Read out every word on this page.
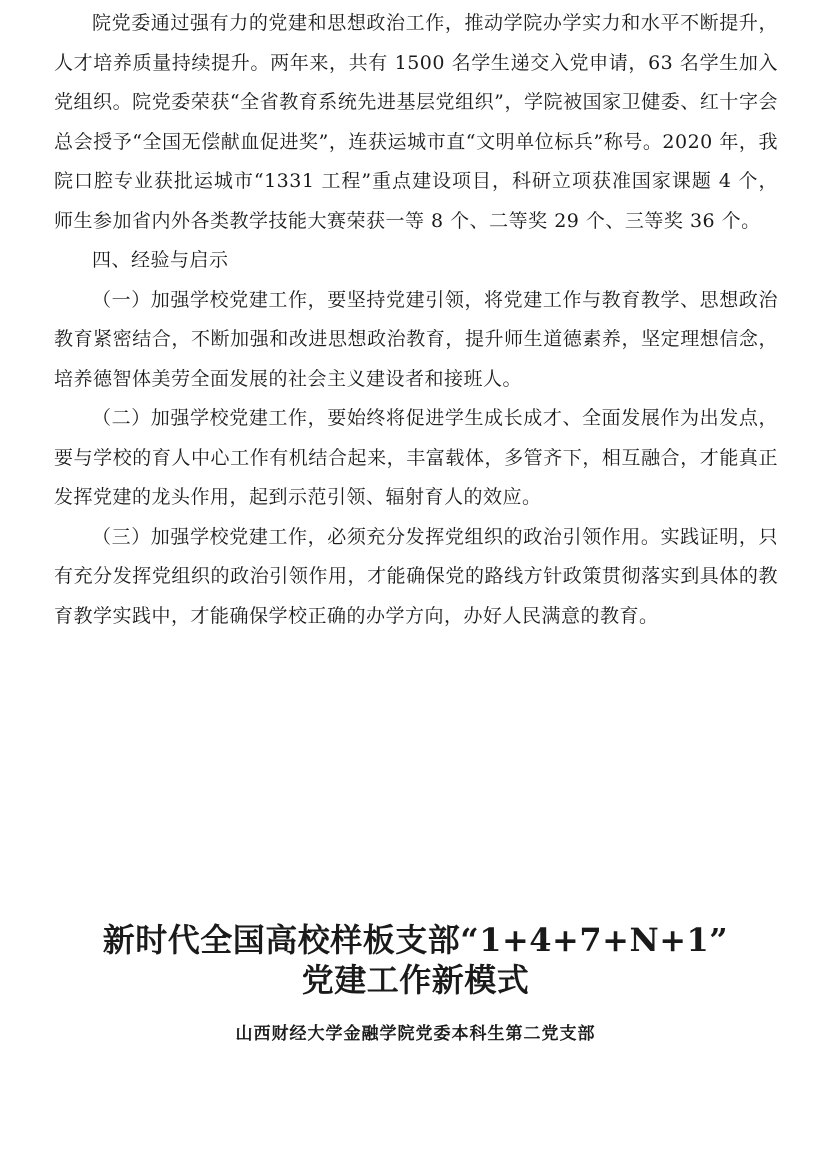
院党委通过强有力的党建和思想政治工作，推动学院办学实力和水平不断提升，人才培养质量持续提升。两年来，共有 1500 名学生递交入党申请，63 名学生加入党组织。院党委荣获“全省教育系统先进基层党组织”，学院被国家卫健委、红十字会总会授予“全国无偿献血促进奖”，连获运城市直“文明单位标兵”称号。2020 年，我院口腔专业获批运城市“1331 工程”重点建设项目，科研立项获准国家课题 4 个，师生参加省内外各类教学技能大赛荣获一等 8 个、二等奖 29 个、三等奖 36 个。

四、经验与启示

（一）加强学校党建工作，要坚持党建引领，将党建工作与教育教学、思想政治教育紧密结合，不断加强和改进思想政治教育，提升师生道德素养，坚定理想信念，培养德智体美劳全面发展的社会主义建设者和接班人。

（二）加强学校党建工作，要始终将促进学生成长成才、全面发展作为出发点，要与学校的育人中心工作有机结合起来，丰富载体，多管齐下，相互融合，才能真正发挥党建的龙头作用，起到示范引领、辐射育人的效应。

（三）加强学校党建工作，必须充分发挥党组织的政治引领作用。实践证明，只有充分发挥党组织的政治引领作用，才能确保党的路线方针政策贯彻落实到具体的教育教学实践中，才能确保学校正确的办学方向，办好人民满意的教育。

新时代全国高校样板支部“1+4+7+N+1”
党建工作新模式

山西财经大学金融学院党委本科生第二党支部
